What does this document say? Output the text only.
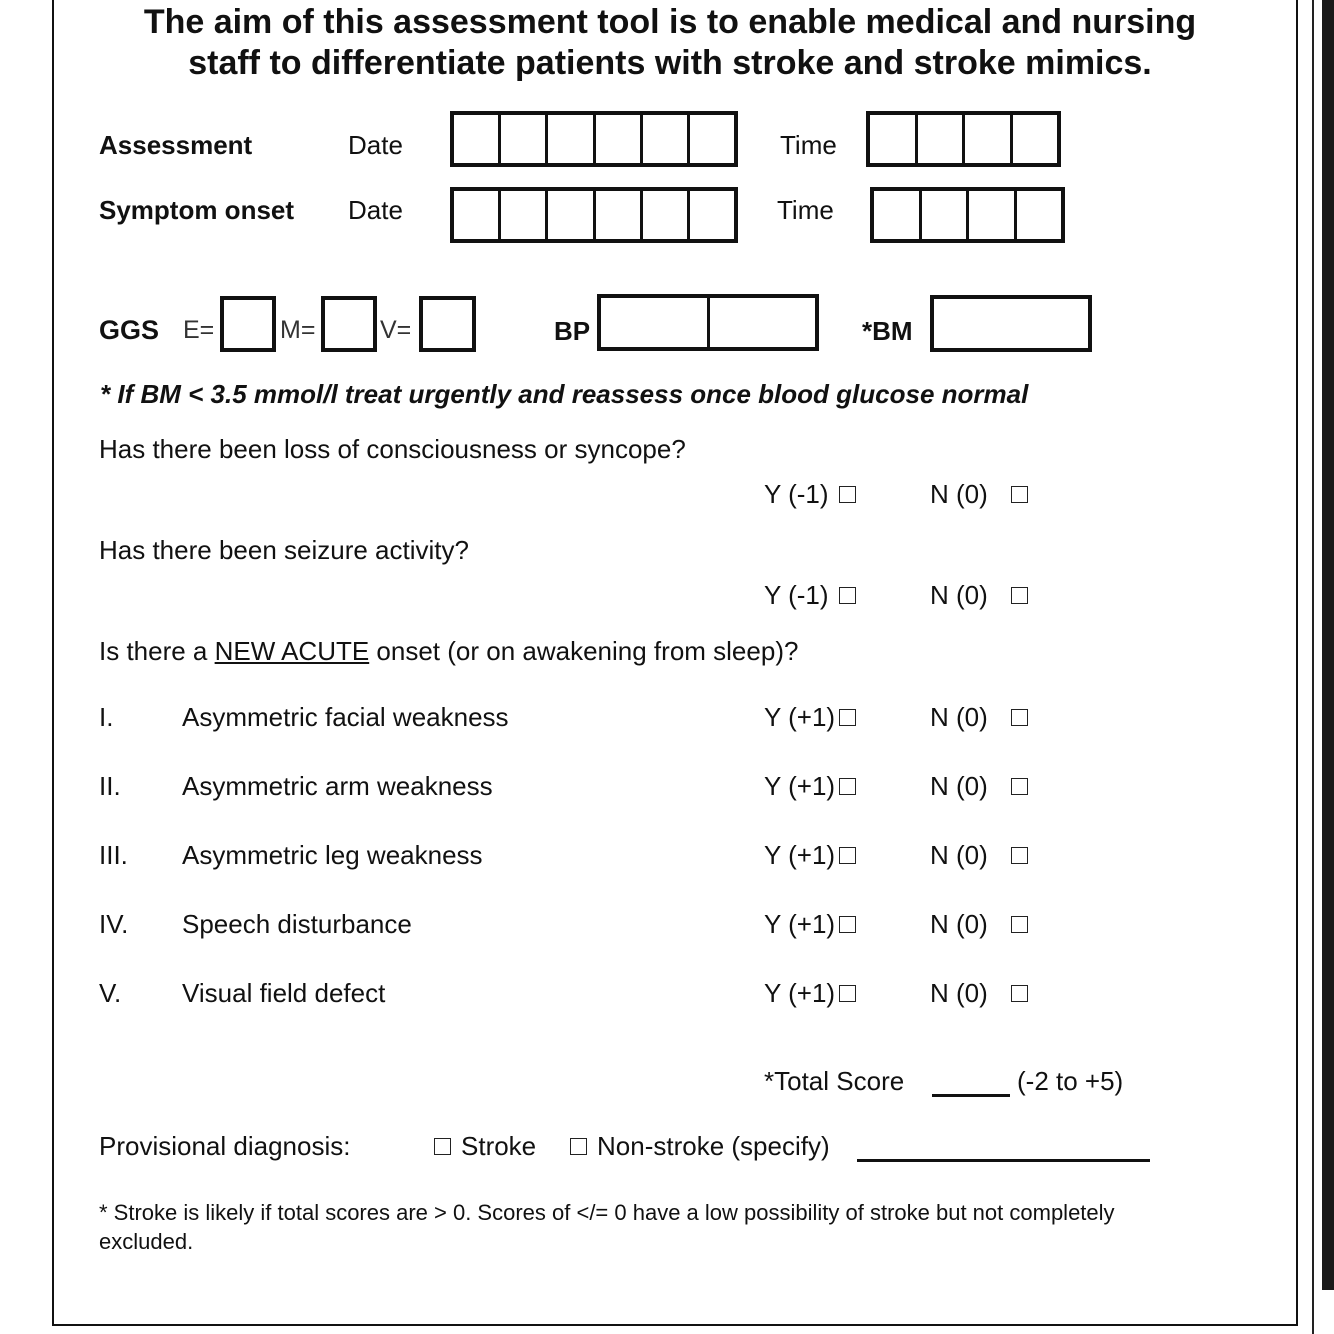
The aim of this assessment tool is to enable medical and nursing
staff to differentiate patients with stroke and stroke mimics.
Assessment	Date	Time
Symptom onset Date	Time
GGS E=	M=	V=	BP	*BM
* If BM < 3.5 mmol/l treat urgently and reassess once blood glucose normal
Has there been loss of consciousness or syncope?
Y (-1)	N (0)
Has there been seizure activity?
Y (-1)	N (0)
Is there a NEW ACUTE onset (or on awakening from sleep)?
I.	Asymmetric facial weakness	Y (+1)	N (0)
II. Asymmetric arm weakness	Y (+1)	N (0)
III. Asymmetric leg weakness	Y (+1)	N (0)
IV. Speech disturbance	Y (+1)	N (0)
V. Visual field defect	Y (+1)	N (0)
*Total Score	(-2 to +5)
Provisional diagnosis:	Stroke	Non-stroke (specify)
* Stroke is likely if total scores are > 0. Scores of </= 0 have a low possibility of stroke but not completely excluded.
